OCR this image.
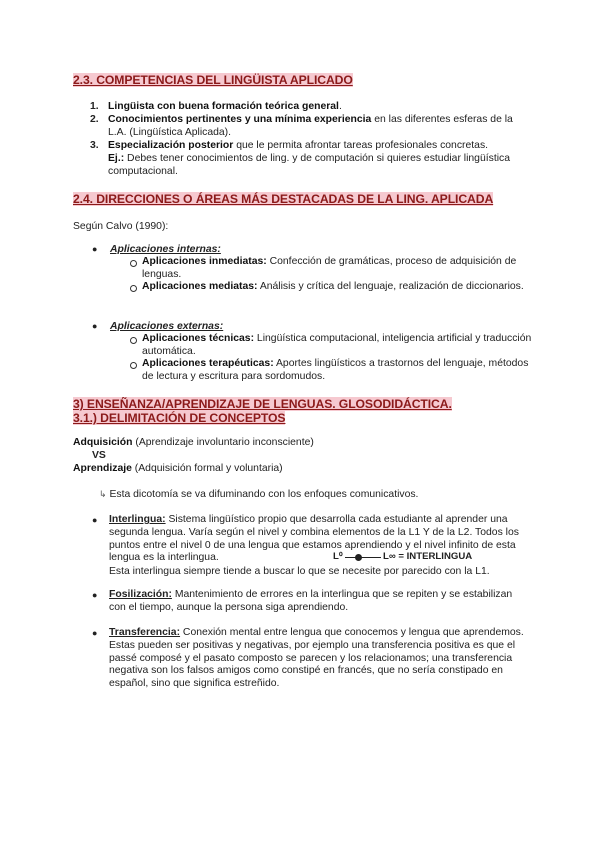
2.3. COMPETENCIAS DEL LINGÜISTA APLICADO
1. Lingüista con buena formación teórica general.
2. Conocimientos pertinentes y una mínima experiencia en las diferentes esferas de la L.A. (Lingüística Aplicada).
3. Especialización posterior que le permita afrontar tareas profesionales concretas.
Ej.: Debes tener conocimientos de ling. y de computación si quieres estudiar lingüística computacional.
2.4. DIRECCIONES O ÁREAS MÁS DESTACADAS DE LA LING. APLICADA
Según Calvo (1990):
● Aplicaciones internas:
Aplicaciones inmediatas: Confección de gramáticas, proceso de adquisición de lenguas.
Aplicaciones mediatas: Análisis y crítica del lenguaje, realización de diccionarios.
● Aplicaciones externas:
Aplicaciones técnicas: Lingüística computacional, inteligencia artificial y traducción automática.
Aplicaciones terapéuticas: Aportes lingüísticos a trastornos del lenguaje, métodos de lectura y escritura para sordomudos.
3) ENSEÑANZA/APRENDIZAJE DE LENGUAS. GLOSODIDÁCTICA.
3.1.) DELIMITACIÓN DE CONCEPTOS
Adquisición (Aprendizaje involuntario inconsciente)
VS
Aprendizaje (Adquisición formal y voluntaria)
↳ Esta dicotomía se va difuminando con los enfoques comunicativos.
● Interlingua: Sistema lingüístico propio que desarrolla cada estudiante al aprender una segunda lengua. Varía según el nivel y combina elementos de la L1 Y de la L2. Todos los puntos entre el nivel 0 de una lengua que estamos aprendiendo y el nivel infinito de esta lengua es la interlingua.	L⁰	L∞ = INTERLINGUA
Esta interlingua siempre tiende a buscar lo que se necesite por parecido con la L1.
● Fosilización: Mantenimiento de errores en la interlingua que se repiten y se estabilizan con el tiempo, aunque la persona siga aprendiendo.
● Transferencia: Conexión mental entre lengua que conocemos y lengua que aprendemos. Estas pueden ser positivas y negativas, por ejemplo una transferencia positiva es que el passé composé y el pasato composto se parecen y los relacionamos; una transferencia negativa son los falsos amigos como constipé en francés, que no sería constipado en español, sino que significa estreñido.
